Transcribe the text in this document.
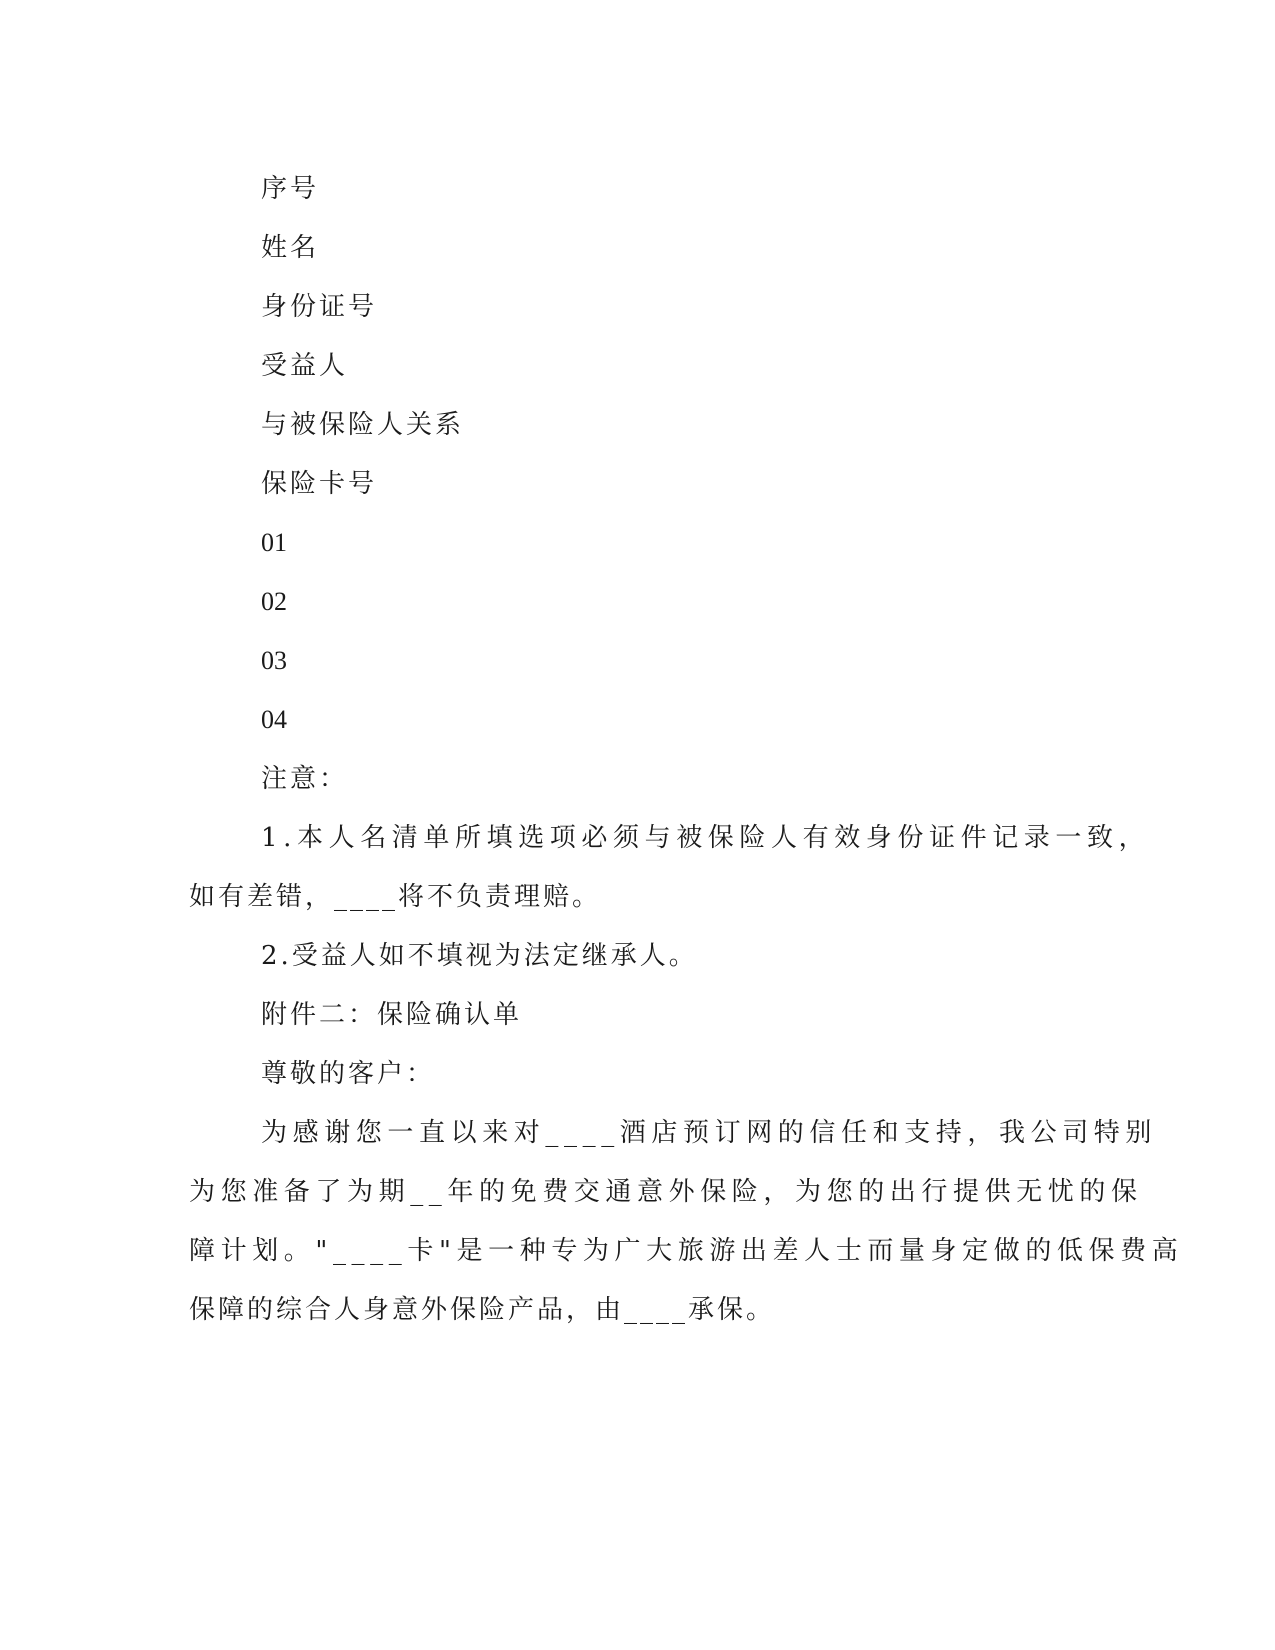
序号
姓名
身份证号
受益人
与被保险人关系
保险卡号
01
02
03
04
注意：
1.本人名清单所填选项必须与被保险人有效身份证件记录一致，
如有差错，____将不负责理赔。
2.受益人如不填视为法定继承人。
附件二：保险确认单
尊敬的客户：
为感谢您一直以来对____酒店预订网的信任和支持，我公司特别
为您准备了为期__年的免费交通意外保险，为您的出行提供无忧的保
障计划。"____卡"是一种专为广大旅游出差人士而量身定做的低保费高
保障的综合人身意外保险产品，由____承保。
